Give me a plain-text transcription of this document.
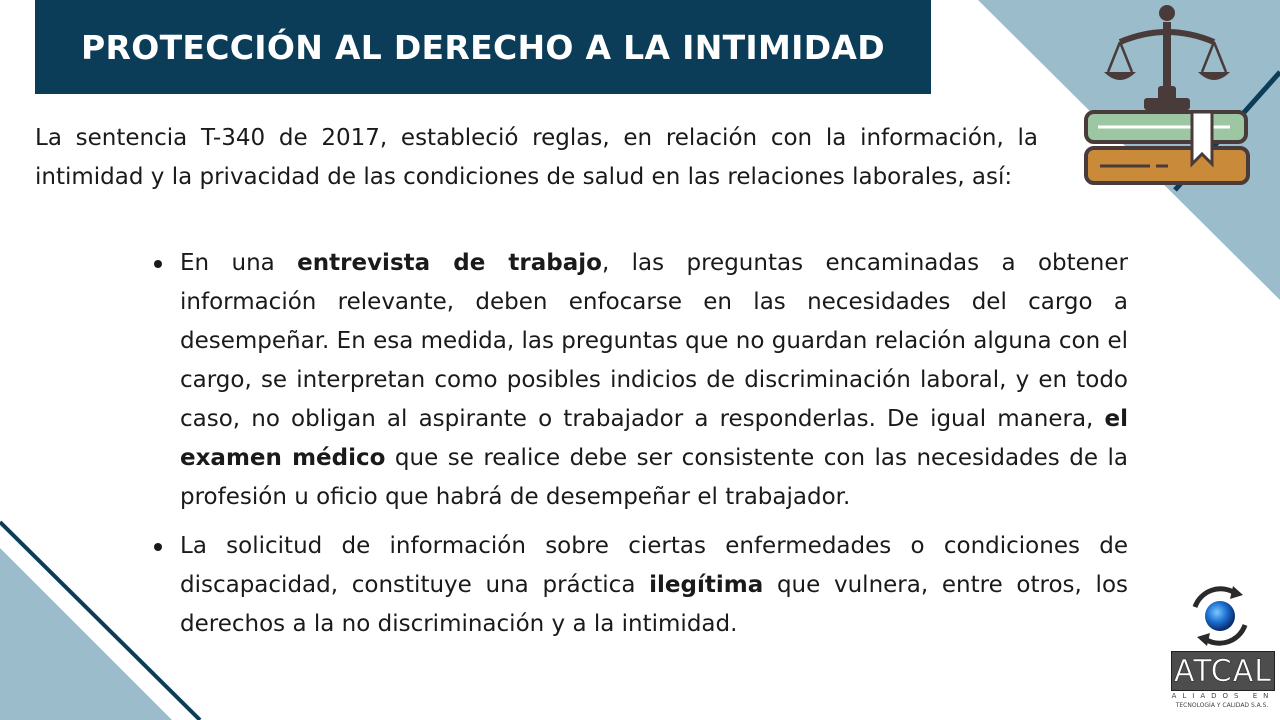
PROTECCIÓN AL DERECHO A LA INTIMIDAD

La sentencia T-340 de 2017, estableció reglas, en relación con la información, la intimidad y la privacidad de las condiciones de salud en las relaciones laborales, así:

En una entrevista de trabajo, las preguntas encaminadas a obtener información relevante, deben enfocarse en las necesidades del cargo a desempeñar. En esa medida, las preguntas que no guardan relación alguna con el cargo, se interpretan como posibles indicios de discriminación laboral, y en todo caso, no obligan al aspirante o trabajador a responderlas. De igual manera, el examen médico que se realice debe ser consistente con las necesidades de la profesión u oficio que habrá de desempeñar el trabajador.
La solicitud de información sobre ciertas enfermedades o condiciones de discapacidad, constituye una práctica ilegítima que vulnera, entre otros, los derechos a la no discriminación y a la intimidad.
ATCAL
ALIADOS EN
TECNOLOGÍA Y CALIDAD S.A.S.
